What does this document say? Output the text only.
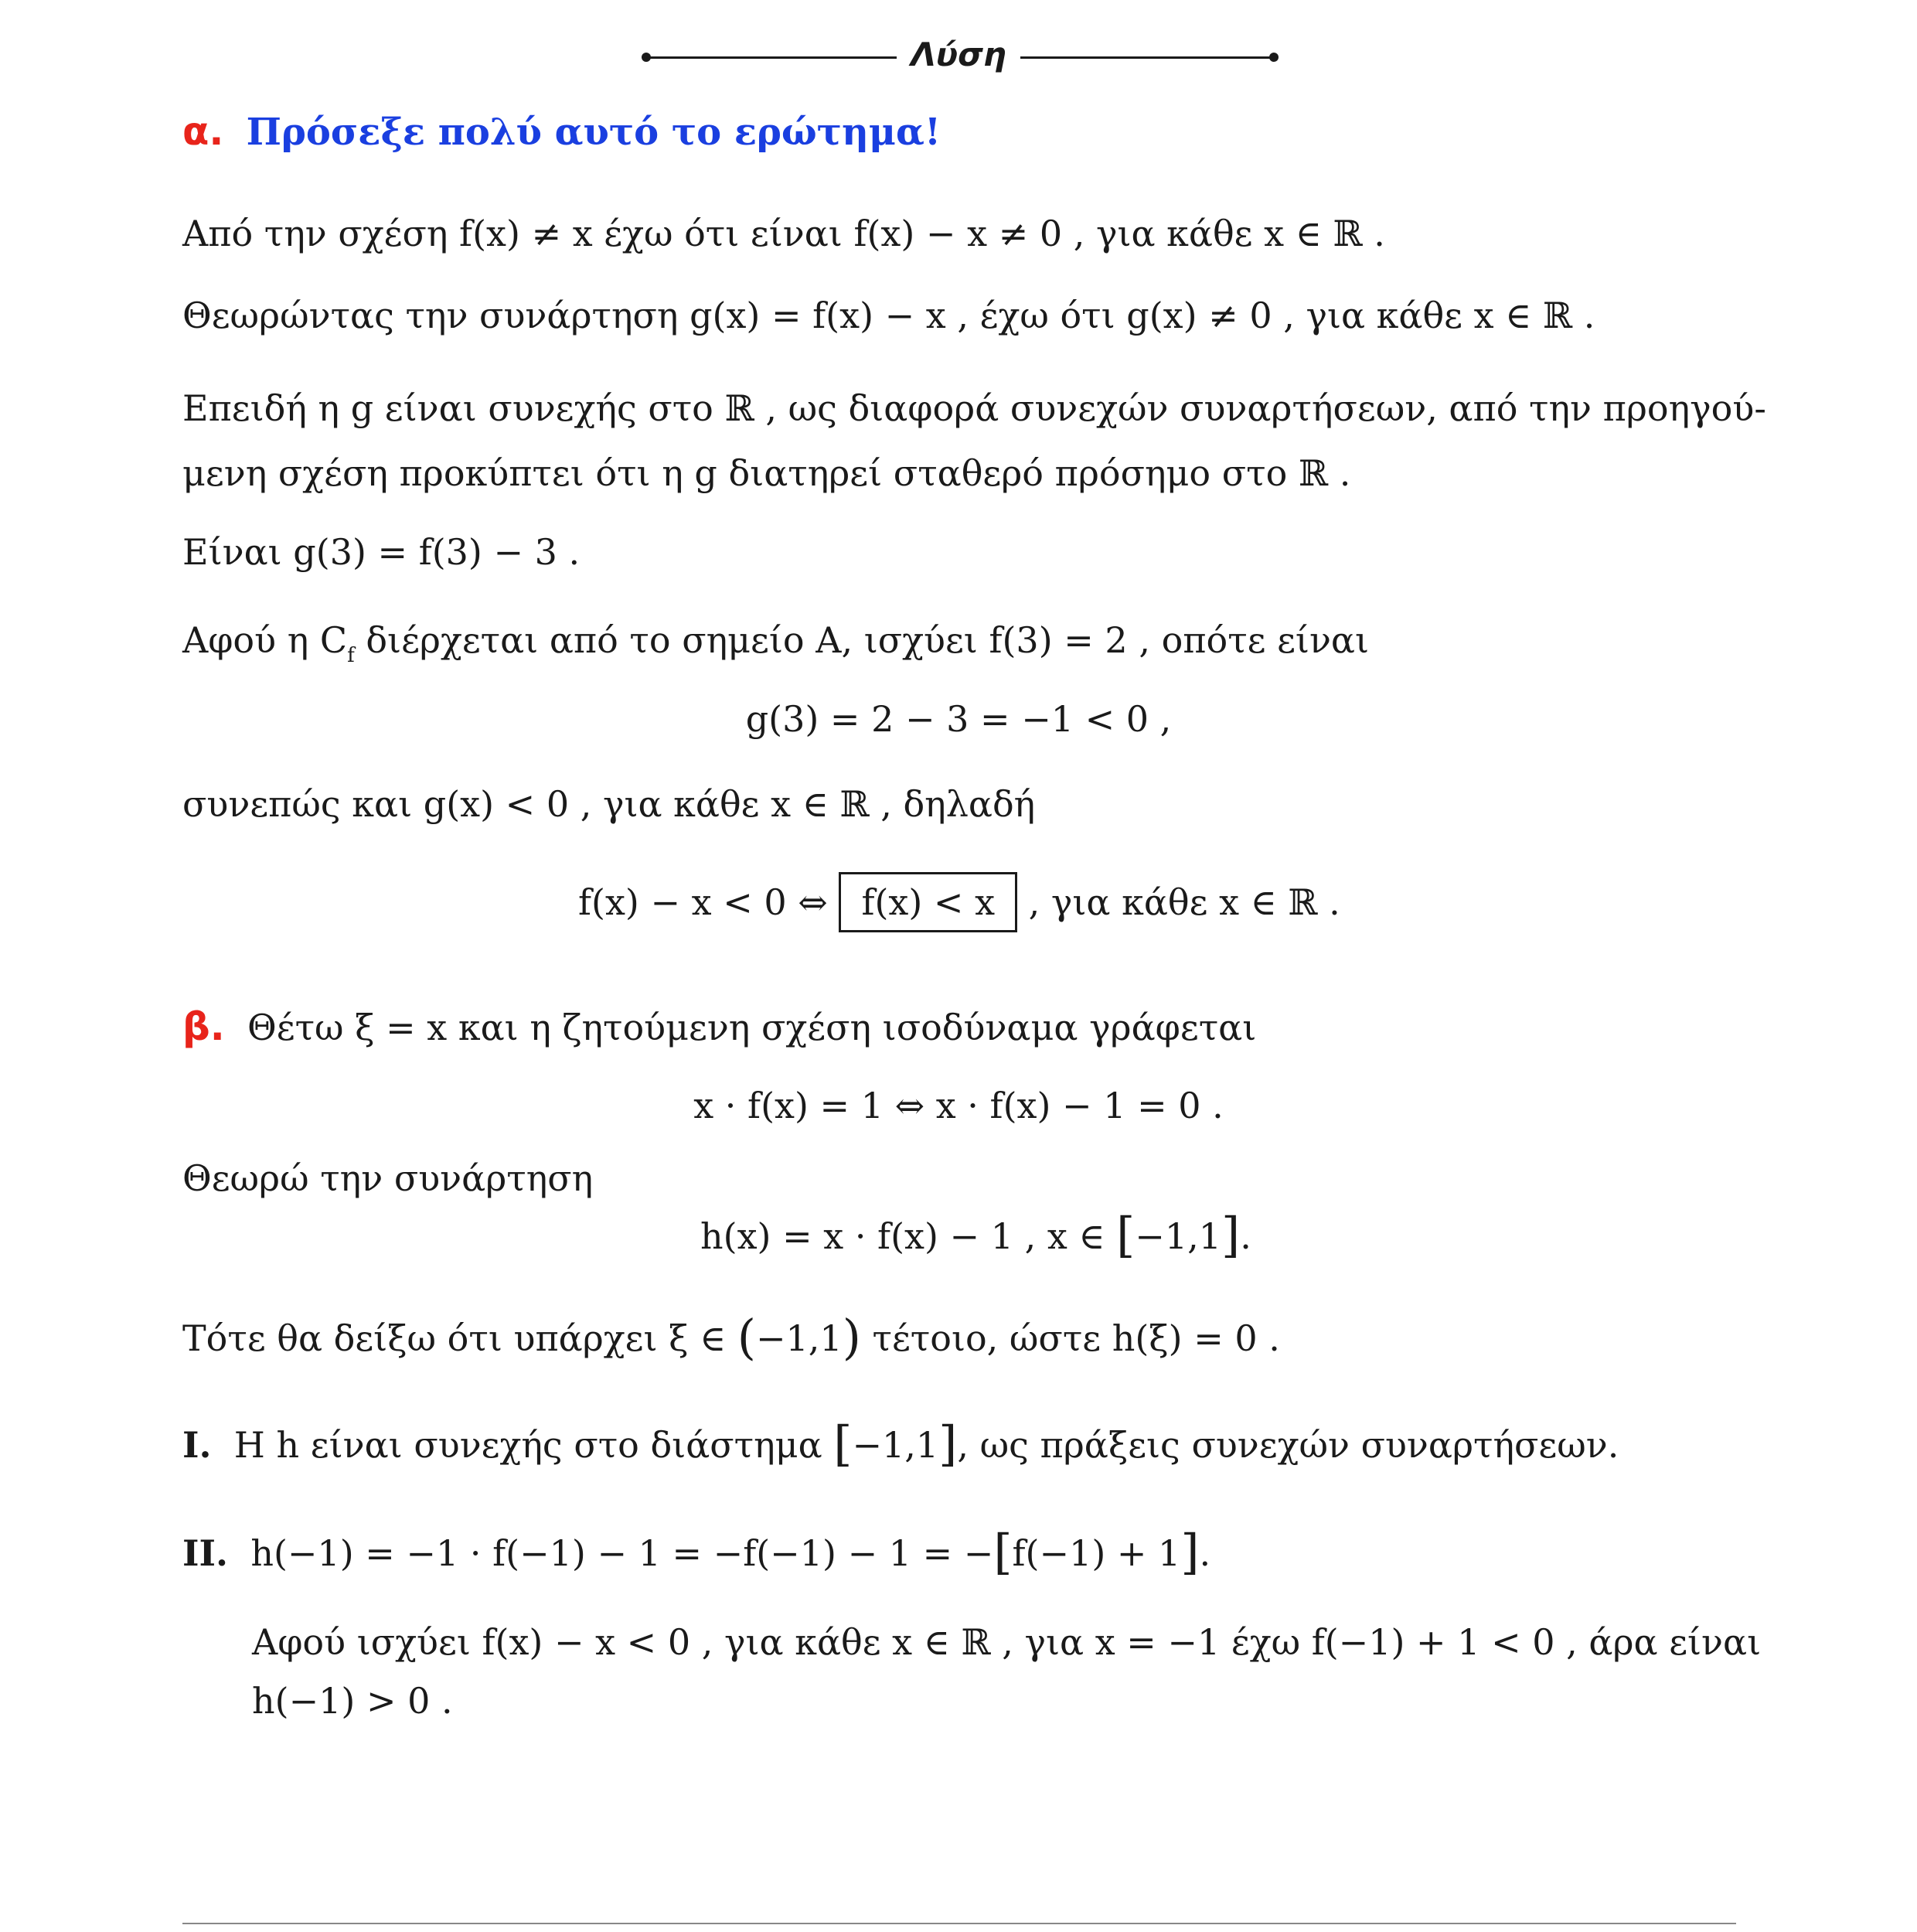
Λύση
α. Πρόσεξε πολύ αυτό το ερώτημα!
Από την σχέση f(x) ≠ x έχω ότι είναι f(x) − x ≠ 0 , για κάθε x ∈ ℝ .
Θεωρώντας την συνάρτηση g(x) = f(x) − x , έχω ότι g(x) ≠ 0 , για κάθε x ∈ ℝ .
Επειδή η g είναι συνεχής στο ℝ , ως διαφορά συνεχών συναρτήσεων, από την προηγού-
μενη σχέση προκύπτει ότι η g διατηρεί σταθερό πρόσημο στο ℝ .
Είναι g(3) = f(3) − 3 .
Αφού η $C_f$ διέρχεται από το σημείο Α, ισχύει f(3) = 2 , οπότε είναι
g(3) = 2 − 3 = −1 < 0 ,
συνεπώς και g(x) < 0 , για κάθε x ∈ ℝ , δηλαδή
f(x) − x < 0 ⇔ f(x) < x , για κάθε x ∈ ℝ .
β. Θέτω ξ = x και η ζητούμενη σχέση ισοδύναμα γράφεται
x · f(x) = 1 ⇔ x · f(x) − 1 = 0 .
Θεωρώ την συνάρτηση
h(x) = x · f(x) − 1 , x ∈ [−1,1].
Τότε θα δείξω ότι υπάρχει ξ ∈ (−1,1) τέτοιο, ώστε h(ξ) = 0 .
Ι. Η h είναι συνεχής στο διάστημα [−1,1], ως πράξεις συνεχών συναρτήσεων.
ΙΙ. h(−1) = −1 · f(−1) − 1 = −f(−1) − 1 = −[f(−1) + 1].
Αφού ισχύει f(x) − x < 0 , για κάθε x ∈ ℝ , για x = −1 έχω f(−1) + 1 < 0 , άρα είναι
h(−1) > 0 .
